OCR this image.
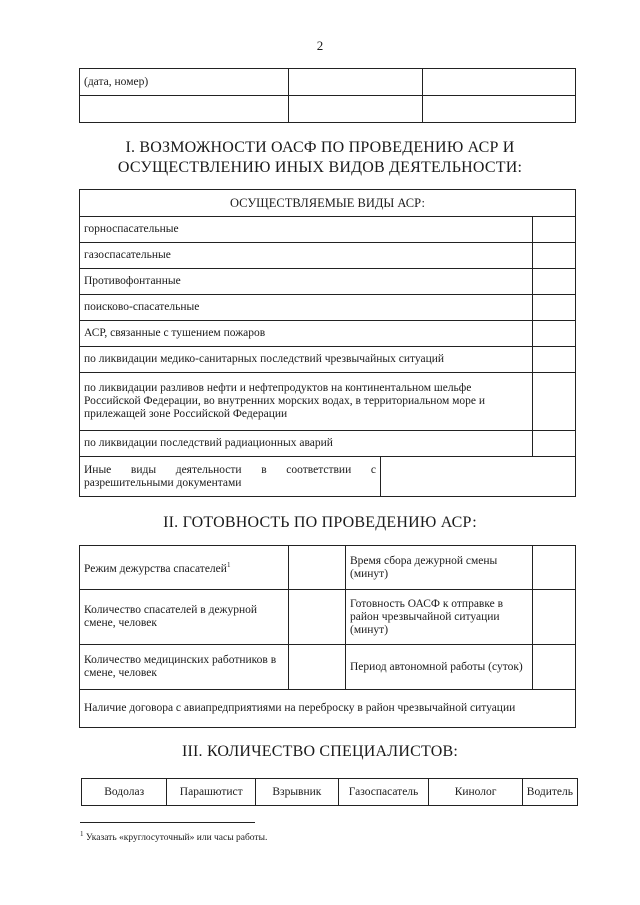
2
(дата, номер)		

I. ВОЗМОЖНОСТИ ОАСФ ПО ПРОВЕДЕНИЮ АСР И
ОСУЩЕСТВЛЕНИЮ ИНЫХ ВИДОВ ДЕЯТЕЛЬНОСТИ:
ОСУЩЕСТВЛЯЕМЫЕ ВИДЫ АСР:		
горноспасательные		
газоспасательные		
Противофонтанные		
поисково-спасательные		
АСР, связанные с тушением пожаров		
по ликвидации медико-санитарных последствий чрезвычайных ситуаций		
по ликвидации разливов нефти и нефтепродуктов на континентальном шельфе Российской Федерации, во внутренних морских водах, в территориальном море и прилежащей зоне Российской Федерации		
по ликвидации последствий радиационных аварий		

Иные виды деятельности в соответствии с
разрешительными документами		
II. ГОТОВНОСТЬ ПО ПРОВЕДЕНИЮ АСР:
Режим дежурства спасателей$^1$		Время сбора дежурной смены (минут)	
Количество спасателей в дежурной смене, человек		Готовность ОАСФ к отправке в район чрезвычайной ситуации (минут)	
Количество медицинских работников в смене, человек		Период автономной работы (суток)	
Наличие договора с авиапредприятиями на переброску в район чрезвычайной ситуации			
III. КОЛИЧЕСТВО СПЕЦИАЛИСТОВ:
Водолаз	Парашютист	Взрывник	Газоспасатель	Кинолог	Водитель
$^1$ Указать «круглосуточный» или часы работы.
